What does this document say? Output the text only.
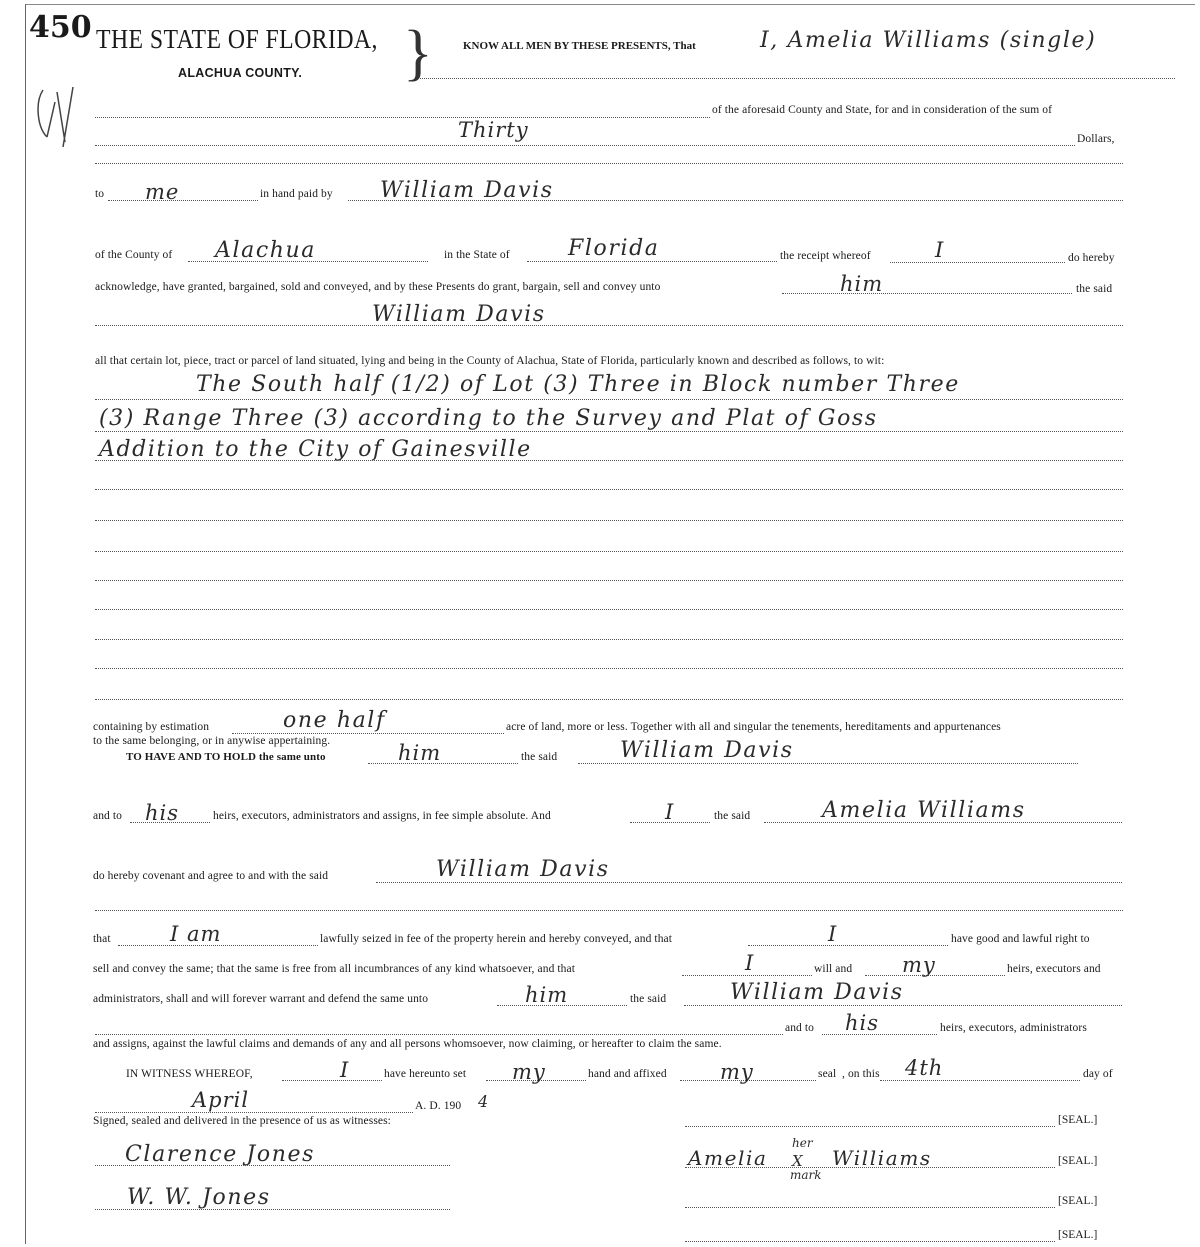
450 THE STATE OF FLORIDA,
ALACHUA COUNTY. }	KNOW ALL MEN BY THESE PRESENTS, That	I, Amelia Williams (single)
of the aforesaid County and State, for and in consideration of the sum of
Thirty	Dollars,
to me	in hand paid by William Davis
of the County of Alachua	in the State of	Florida	the receipt whereof	I	do hereby
acknowledge, have granted, bargained, sold and conveyed, and by these Presents do grant, bargain, sell and convey unto	him	the said
William Davis
all that certain lot, piece, tract or parcel of land situated, lying and being in the County of Alachua, State of Florida, particularly known and described as follows, to wit:
The South half (1/2) of Lot (3) Three in Block number Three
(3) Range Three (3) according to the Survey and Plat of Goss
Addition to the City of Gainesville
containing by estimation	one half	acre of land, more or less. Together with all and singular the tenements, hereditaments and appurtenances
to the same belonging, or in anywise appertaining.
TO HAVE AND TO HOLD the same unto	him	the said	William Davis
and to his	heirs, executors, administrators and assigns, in fee simple absolute. And	I	the said	Amelia Williams
do hereby covenant and agree to and with the said	William Davis
that	I am	lawfully seized in fee of the property herein and hereby conveyed, and that	I	have good and lawful right to
sell and convey the same; that the same is free from all incumbrances of any kind whatsoever, and that	I	will and my	heirs, executors and
administrators, shall and will forever warrant and defend the same unto	him	the said	William Davis
and to his	heirs, executors, administrators
and assigns, against the lawful claims and demands of any and all persons whomsoever, now claiming, or hereafter to claim the same.
IN WITNESS WHEREOF,	I	have hereunto set my	hand and affixed	my	seal , on this 4th	day of
April	A. D. 190 4
Signed, sealed and delivered in the presence of us as witnesses:	[SEAL.]
Clarence Jones	Amelia
her
X
mark
Williams	[SEAL.]
W. W. Jones	[SEAL.]
[SEAL.]
